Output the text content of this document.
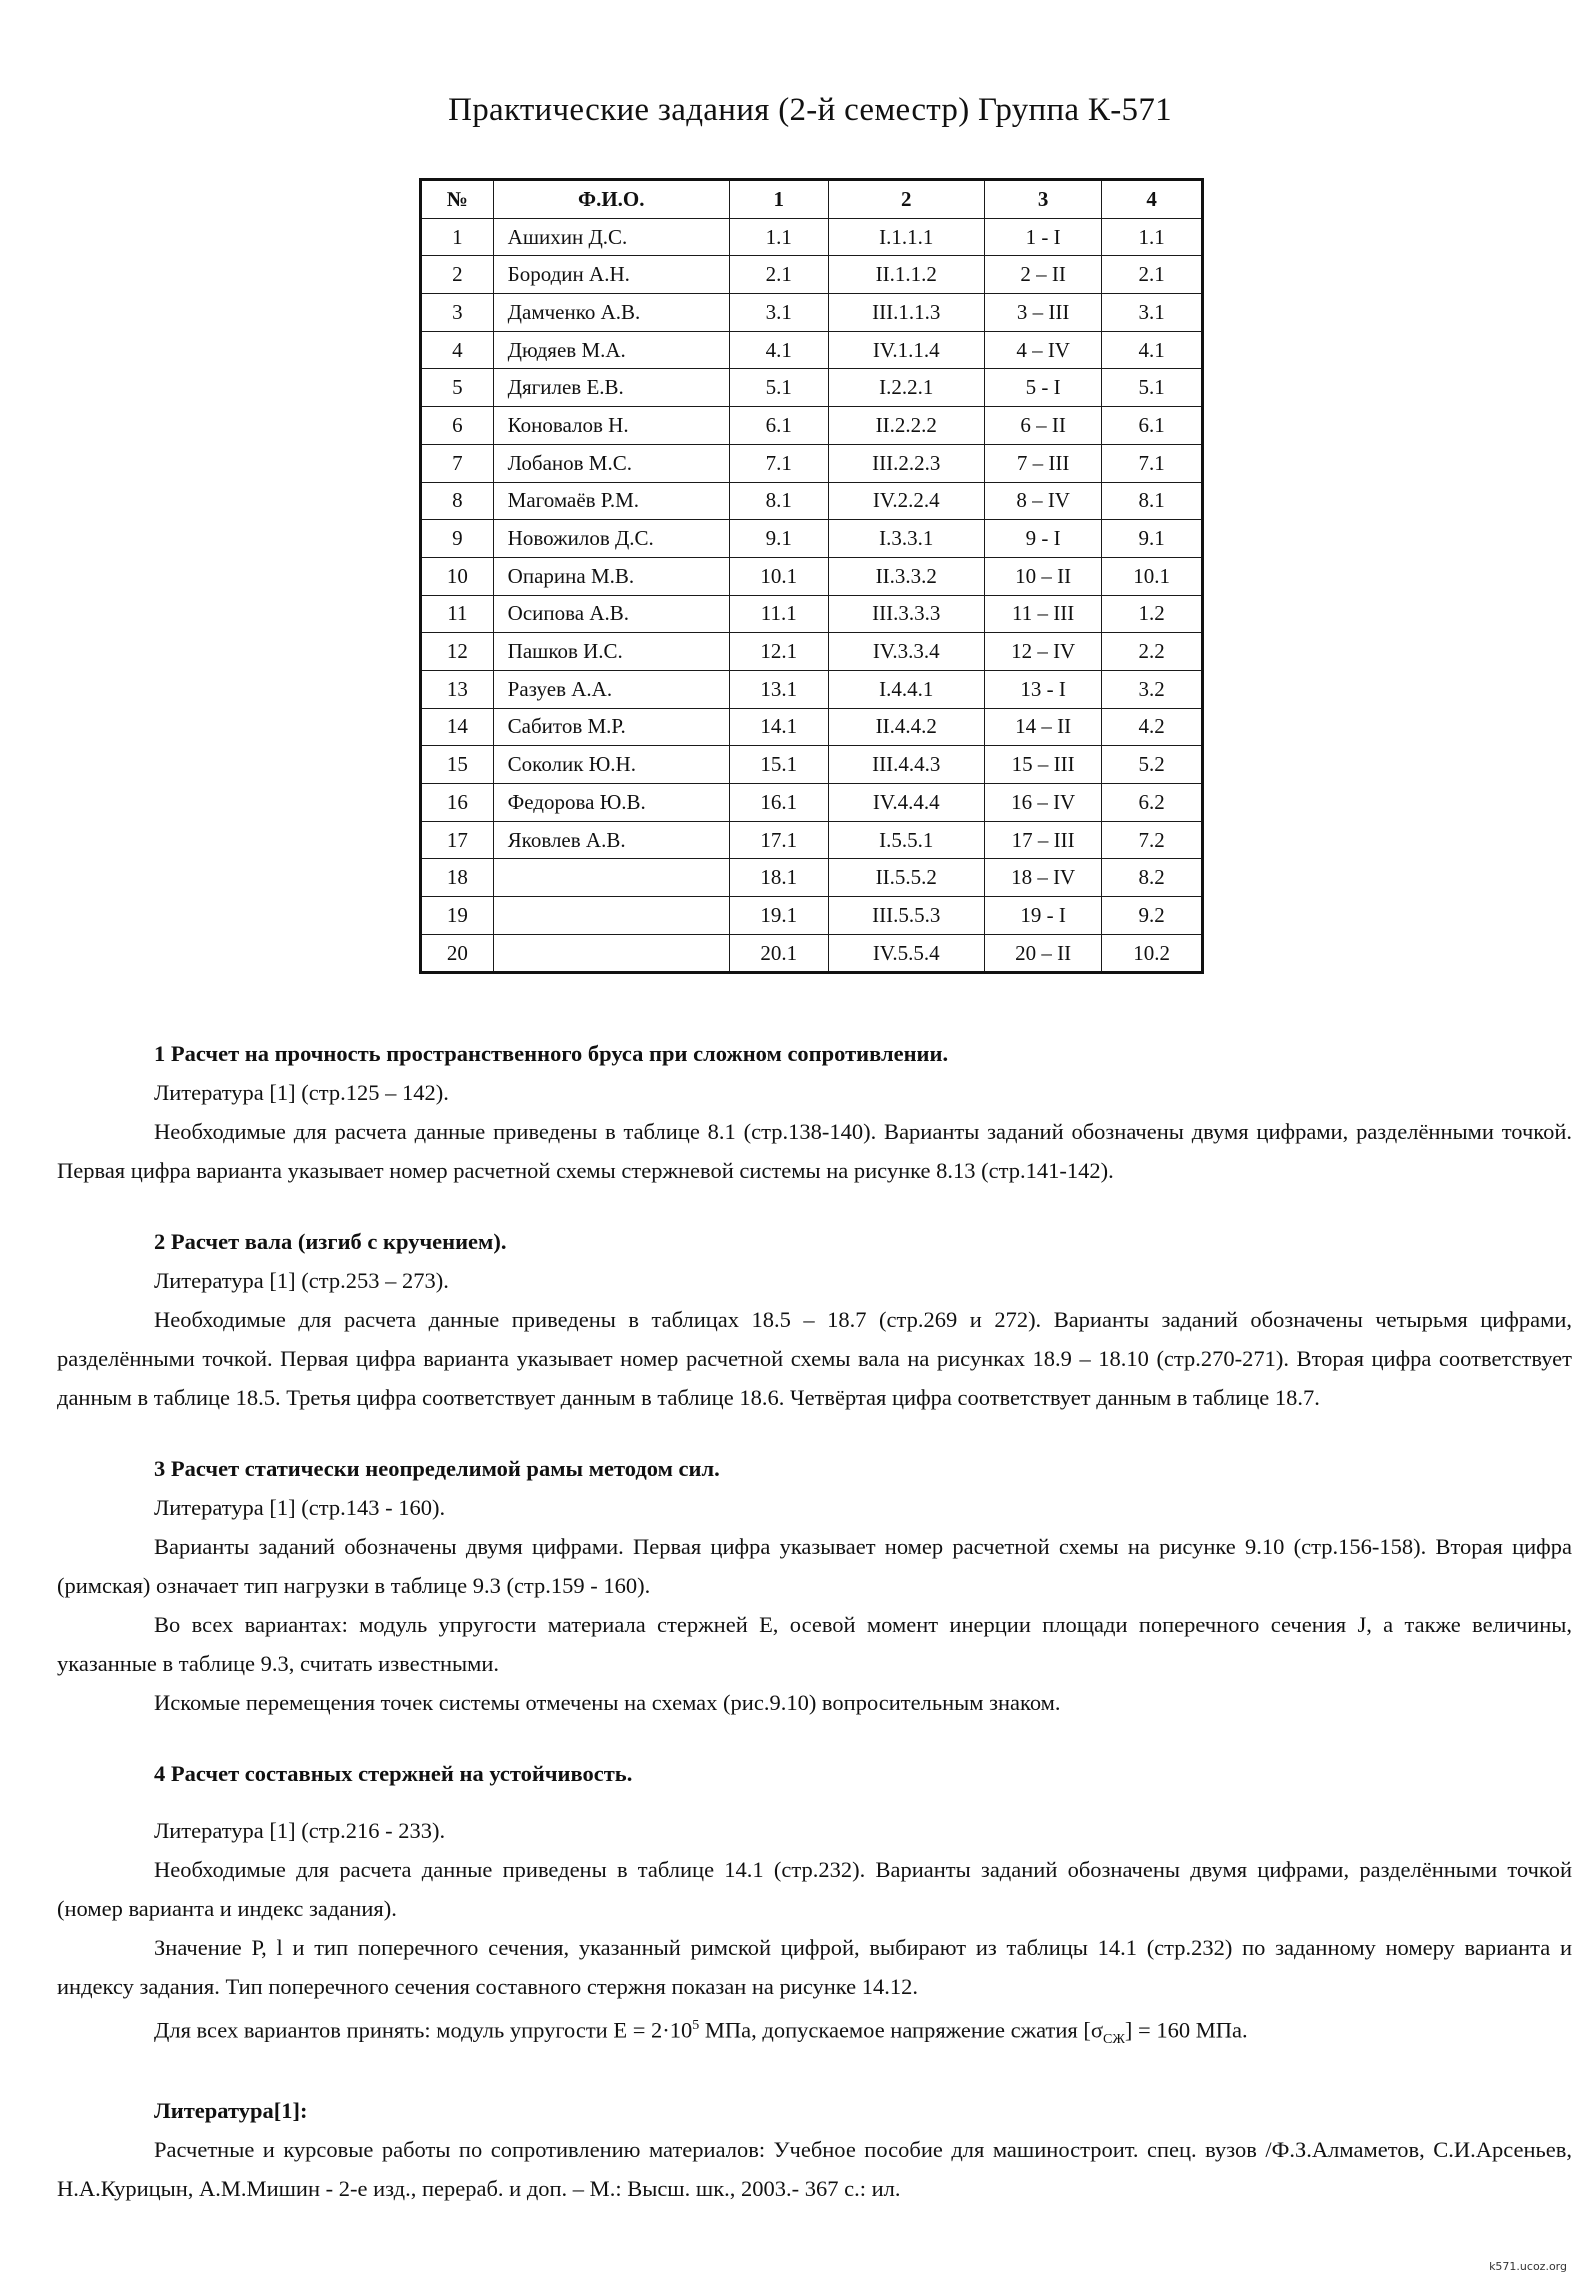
Практические задания (2-й семестр) Группа К-571
№	Ф.И.О.	1	2	3	4
1	Ашихин Д.С.	1.1	I.1.1.1	1 - I	1.1
2	Бородин А.Н.	2.1	II.1.1.2	2 – II	2.1
3	Дамченко А.В.	3.1	III.1.1.3	3 – III	3.1
4	Дюдяев М.А.	4.1	IV.1.1.4	4 – IV	4.1
5	Дягилев Е.В.	5.1	I.2.2.1	5 - I	5.1
6	Коновалов Н.	6.1	II.2.2.2	6 – II	6.1
7	Лобанов М.С.	7.1	III.2.2.3	7 – III	7.1
8	Магомаёв Р.М.	8.1	IV.2.2.4	8 – IV	8.1
9	Новожилов Д.С.	9.1	I.3.3.1	9 - I	9.1
10	Опарина М.В.	10.1	II.3.3.2	10 – II	10.1
11	Осипова А.В.	11.1	III.3.3.3	11 – III	1.2
12	Пашков И.С.	12.1	IV.3.3.4	12 – IV	2.2
13	Разуев А.А.	13.1	I.4.4.1	13 - I	3.2
14	Сабитов М.Р.	14.1	II.4.4.2	14 – II	4.2
15	Соколик Ю.Н.	15.1	III.4.4.3	15 – III	5.2
16	Федорова Ю.В.	16.1	IV.4.4.4	16 – IV	6.2
17	Яковлев А.В.	17.1	I.5.5.1	17 – III	7.2
18		18.1	II.5.5.2	18 – IV	8.2
19		19.1	III.5.5.3	19 - I	9.2
20		20.1	IV.5.5.4	20 – II	10.2

1 Расчет на прочность пространственного бруса при сложном сопротивлении.

Литература [1] (стр.125 – 142).

Необходимые для расчета данные приведены в таблице 8.1 (стр.138-140). Варианты заданий обозначены двумя цифрами, разделёнными точкой. Первая цифра варианта указывает номер расчетной схемы стержневой системы на рисунке 8.13 (стр.141-142).

2 Расчет вала (изгиб с кручением).

Литература [1] (стр.253 – 273).

Необходимые для расчета данные приведены в таблицах 18.5 – 18.7 (стр.269 и 272). Варианты заданий обозначены четырьмя цифрами, разделёнными точкой. Первая цифра варианта указывает номер расчетной схемы вала на рисунках 18.9 – 18.10 (стр.270-271). Вторая цифра соответствует данным в таблице 18.5. Третья цифра соответствует данным в таблице 18.6. Четвёртая цифра соответствует данным в таблице 18.7.

3 Расчет статически неопределимой рамы методом сил.

Литература [1] (стр.143 - 160).

Варианты заданий обозначены двумя цифрами. Первая цифра указывает номер расчетной схемы на рисунке 9.10 (стр.156-158). Вторая цифра (римская) означает тип нагрузки в таблице 9.3 (стр.159 - 160).

Во всех вариантах: модуль упругости материала стержней Е, осевой момент инерции площади поперечного сечения J, а также величины, указанные в таблице 9.3, считать известными.

Искомые перемещения точек системы отмечены на схемах (рис.9.10) вопросительным знаком.

4 Расчет составных стержней на устойчивость.

Литература [1] (стр.216 - 233).

Необходимые для расчета данные приведены в таблице 14.1 (стр.232). Варианты заданий обозначены двумя цифрами, разделёнными точкой (номер варианта и индекс задания).

Значение Р, l и тип поперечного сечения, указанный римской цифрой, выбирают из таблицы 14.1 (стр.232) по заданному номеру варианта и индексу задания. Тип поперечного сечения составного стержня показан на рисунке 14.12.

Для всех вариантов принять: модуль упругости $Е = 2\cdot 10^5$ МПа, допускаемое напряжение сжатия $[\sigma_{СЖ}] = 160$ МПа.

Литература[1]:

Расчетные и курсовые работы по сопротивлению материалов: Учебное пособие для машиностроит. спец. вузов /Ф.З.Алмаметов, С.И.Арсеньев, Н.А.Курицын, А.М.Мишин - 2-е изд., перераб. и доп. – М.: Высш. шк., 2003.- 367 с.: ил.

k571.ucoz.org
